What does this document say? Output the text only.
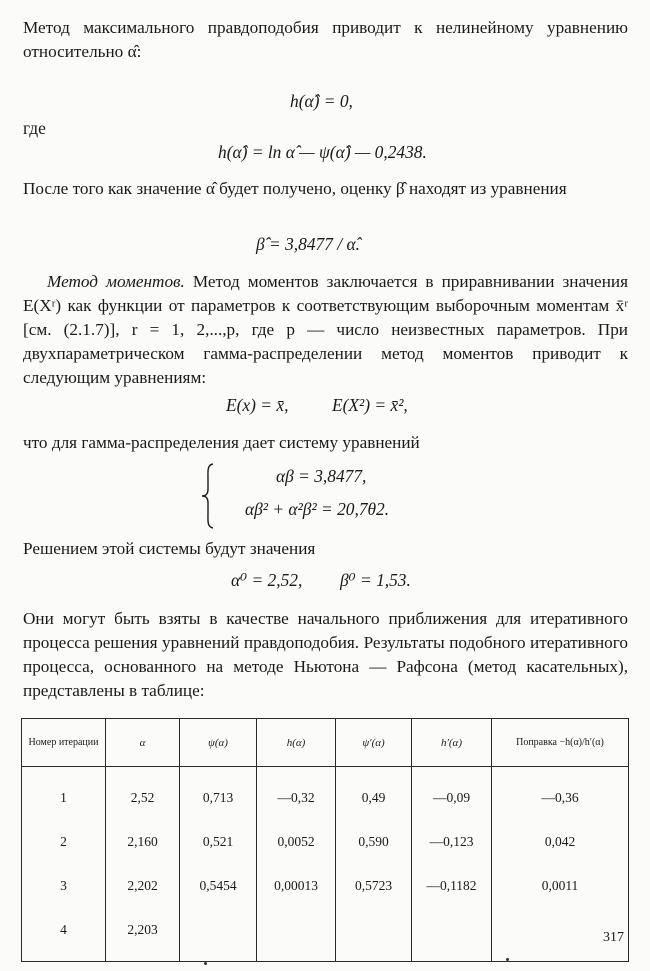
Метод максимального правдоподобия приводит к нелинейному уравнению относительно α̂:
h(α̂) = 0,
где
h(α̂) = ln α̂ — ψ(α̂) — 0,2438.
После того как значение α̂ будет получено, оценку β̂ находят из уравнения
β̂ = 3,8477 / α̂.
Метод моментов. Метод моментов заключается в приравнивании значения E(Xʳ) как функции от параметров к соответствующим выборочным моментам x̄ʳ [см. (2.1.7)], r = 1, 2,...,p, где p — число неизвестных параметров. При двухпараметрическом гамма-распределении метод моментов приводит к следующим уравнениям:
E(x) = x̄,	E(X²) = x̄²,
что для гамма-распределения дает систему уравнений
αβ = 3,8477,
αβ² + α²β² = 20,7θ2.
Решением этой системы будут значения
α⁰ = 2,52, β⁰ = 1,53.
Они могут быть взяты в качестве начального приближения для итеративного процесса решения уравнений правдоподобия. Результаты подобного итеративного процесса, основанного на методе Ньютона — Рафсона (метод касательных), представлены в таблице:
Номер итерации	α	ψ(α)	h(α)	ψ′(α)	h′(α)	Поправка −h(α)/h′(α)
1	2,52	0,713	—0,32	0,49	—0,09	—0,36
2	2,160	0,521	0,0052	0,590	—0,123	0,042
3	2,202	0,5454	0,00013	0,5723	—0,1182	0,0011
4	2,203					
317
